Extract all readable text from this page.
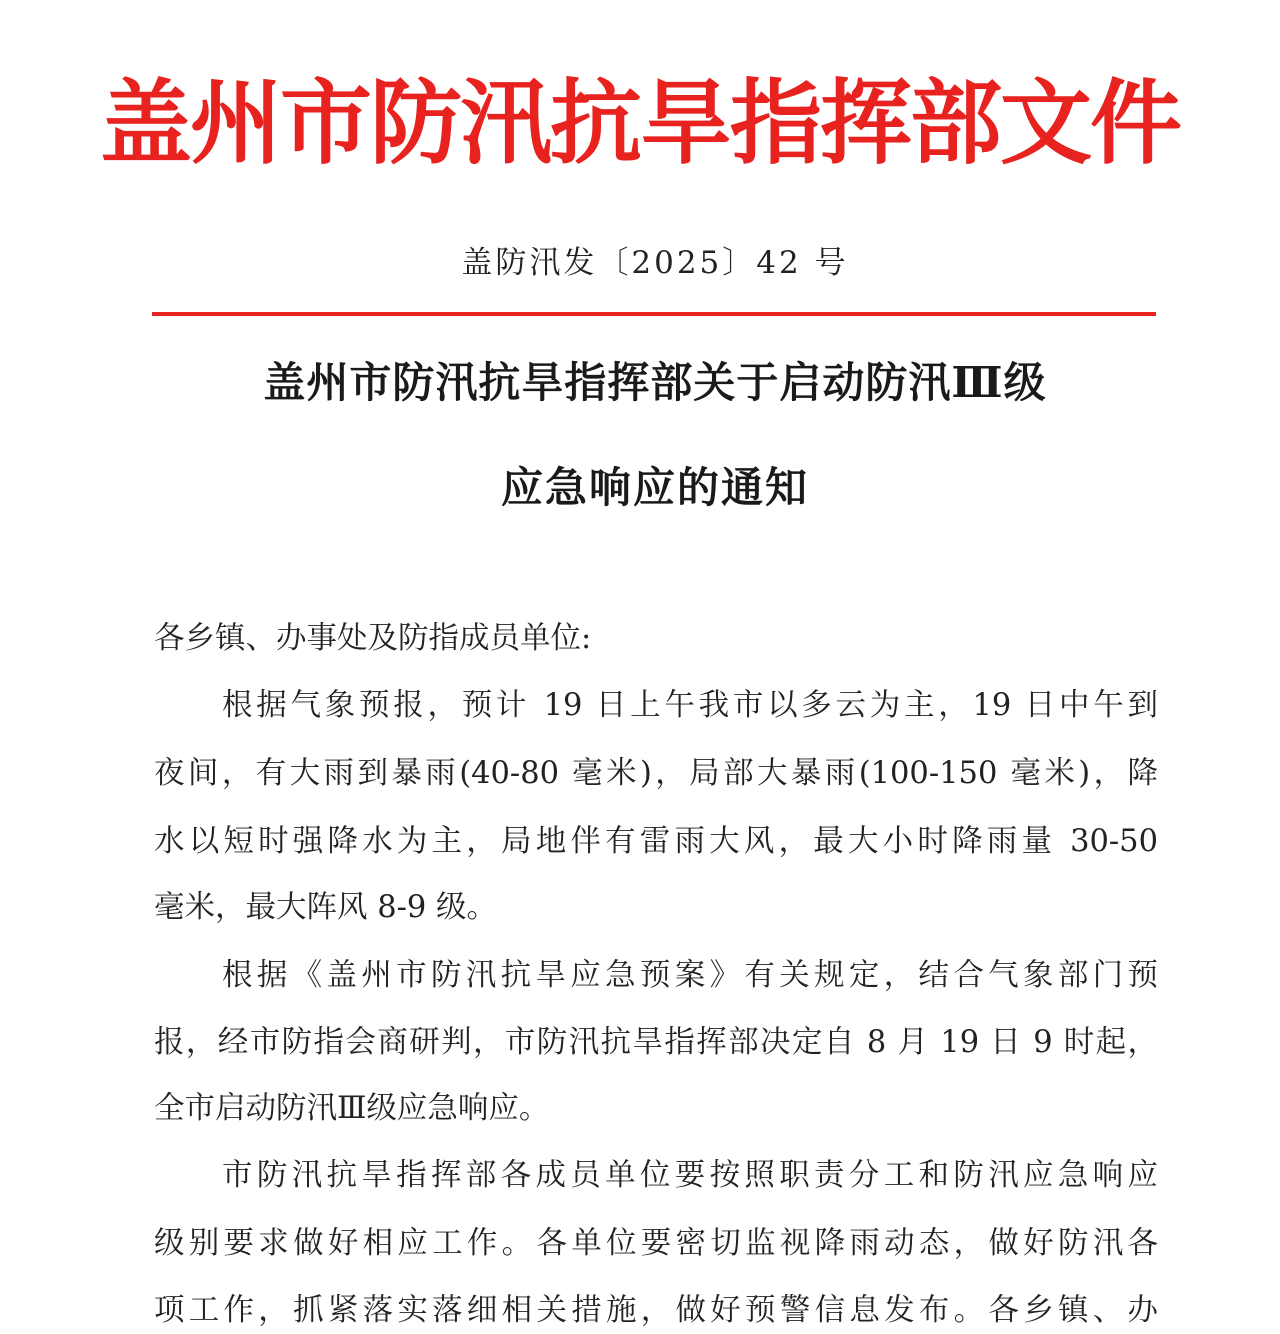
盖州市防汛抗旱指挥部文件
盖防汛发〔2025〕42 号
盖州市防汛抗旱指挥部关于启动防汛Ⅲ级
应急响应的通知
各乡镇、办事处及防指成员单位:
根据气象预报，预计 19 日上午我市以多云为主，19 日中午到
夜间，有大雨到暴雨(40-80 毫米)，局部大暴雨(100-150 毫米)，降
水以短时强降水为主，局地伴有雷雨大风，最大小时降雨量 30-50
毫米，最大阵风 8-9 级。
根据《盖州市防汛抗旱应急预案》有关规定，结合气象部门预
报，经市防指会商研判，市防汛抗旱指挥部决定自 8 月 19 日 9 时起，
全市启动防汛Ⅲ级应急响应。
市防汛抗旱指挥部各成员单位要按照职责分工和防汛应急响应
级别要求做好相应工作。各单位要密切监视降雨动态，做好防汛各
项工作，抓紧落实落细相关措施，做好预警信息发布。各乡镇、办
